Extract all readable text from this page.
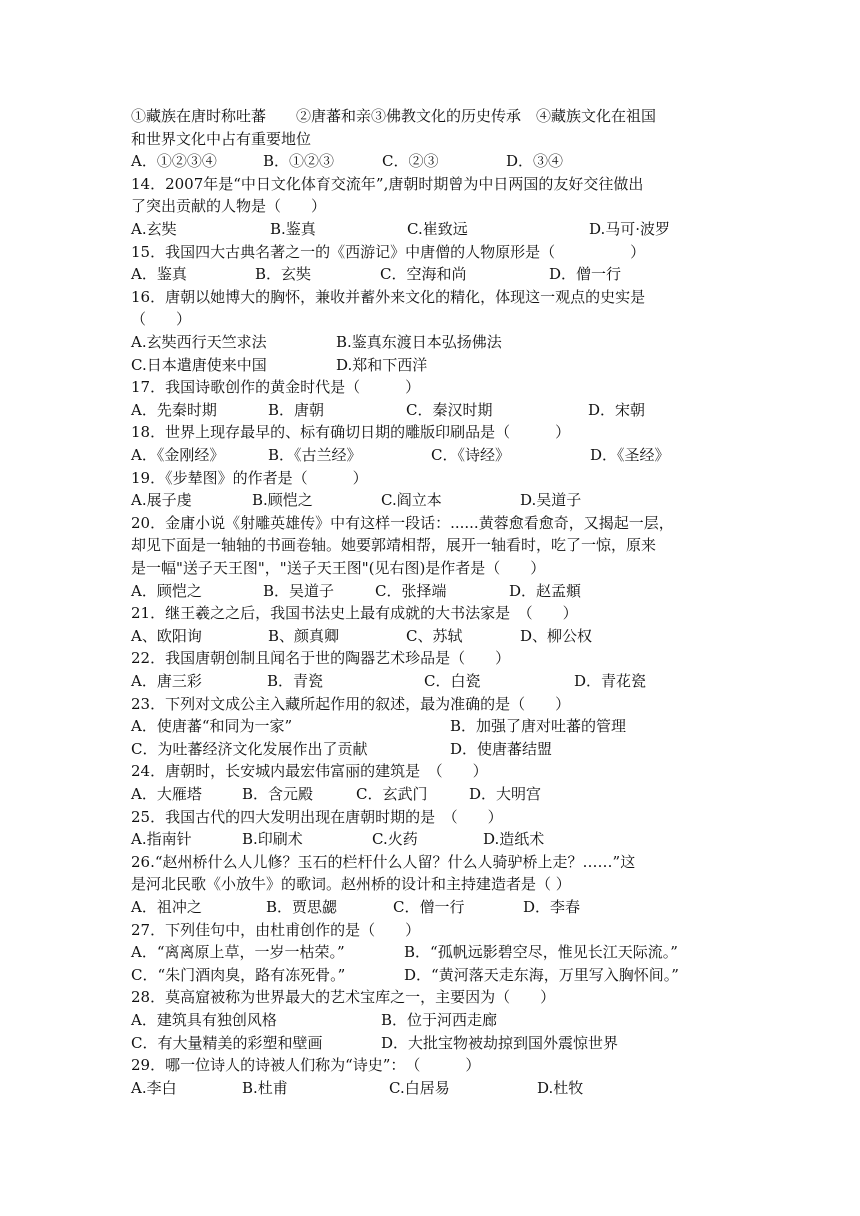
①藏族在唐时称吐蕃　　②唐蕃和亲③佛教文化的历史传承　④藏族文化在祖国
和世界文化中占有重要地位
A．①②③④	B．①②③	C．②③	D．③④
14．2007年是“中日文化体育交流年”,唐朝时期曾为中日两国的友好交往做出
了突出贡献的人物是（　　）
A.玄奘	B.鉴真	C.崔致远	D.马可·波罗
15．我国四大古典名著之一的《西游记》中唐僧的人物原形是（　　　　　）
A．鉴真	B．玄奘	C．空海和尚	D．僧一行
16．唐朝以她博大的胸怀，兼收并蓄外来文化的精化，体现这一观点的史实是
（　　）
A.玄奘西行天竺求法	B.鉴真东渡日本弘扬佛法
C.日本遣唐使来中国	D.郑和下西洋
17．我国诗歌创作的黄金时代是（　　　）
A．先秦时期	B．唐朝	C．秦汉时期	D．宋朝
18．世界上现存最早的、标有确切日期的雕版印刷品是（　　　）
A．《金刚经》	B．《古兰经》	C．《诗经》	D．《圣经》
19．《步辇图》的作者是（　　　）
A.展子虔	B.顾恺之	C.阎立本	D.吴道子
20．金庸小说《射雕英雄传》中有这样一段话：......黄蓉愈看愈奇，又揭起一层，
却见下面是一轴轴的书画卷轴。她要郭靖相帮，展开一轴看时，吃了一惊，原来
是一幅"送子天王图"，"送子天王图"(见右图)是作者是（　　）
A．顾恺之	B．吴道子	C．张择端	D．赵孟頫
21．继王羲之之后，我国书法史上最有成就的大书法家是　（　　）
A、欧阳询	B、颜真卿	C、苏轼	D、柳公权
22．我国唐朝创制且闻名于世的陶器艺术珍品是（　　）
A．唐三彩	B．青瓷	C．白瓷	D．青花瓷
23．下列对文成公主入藏所起作用的叙述，最为准确的是（　　）
A．使唐蕃“和同为一家”	B．加强了唐对吐蕃的管理
C．为吐蕃经济文化发展作出了贡献	D．使唐蕃结盟
24．唐朝时，长安城内最宏伟富丽的建筑是　（　　）
A．大雁塔	B．含元殿	C．玄武门	D．大明宫
25．我国古代的四大发明出现在唐朝时期的是　（　　）
A.指南针	B.印刷术	C.火药	D.造纸术
26.“赵州桥什么人儿修？玉石的栏杆什么人留？什么人骑驴桥上走？……”这
是河北民歌《小放牛》的歌词。赵州桥的设计和主持建造者是（ ）
A．祖冲之	B．贾思勰	C．僧一行	D．李春
27．下列佳句中，由杜甫创作的是（　　）
A．“离离原上草，一岁一枯荣。”	B．“孤帆远影碧空尽，惟见长江天际流。”
C．“朱门酒肉臭，路有冻死骨。”	D．“黄河落天走东海，万里写入胸怀间。”
28．莫高窟被称为世界最大的艺术宝库之一，主要因为（　　）
A．建筑具有独创风格	B．位于河西走廊
C．有大量精美的彩塑和壁画	D．大批宝物被劫掠到国外震惊世界
29．哪一位诗人的诗被人们称为“诗史”：　（　　　）
A.李白	B.杜甫	C.白居易	D.杜牧
